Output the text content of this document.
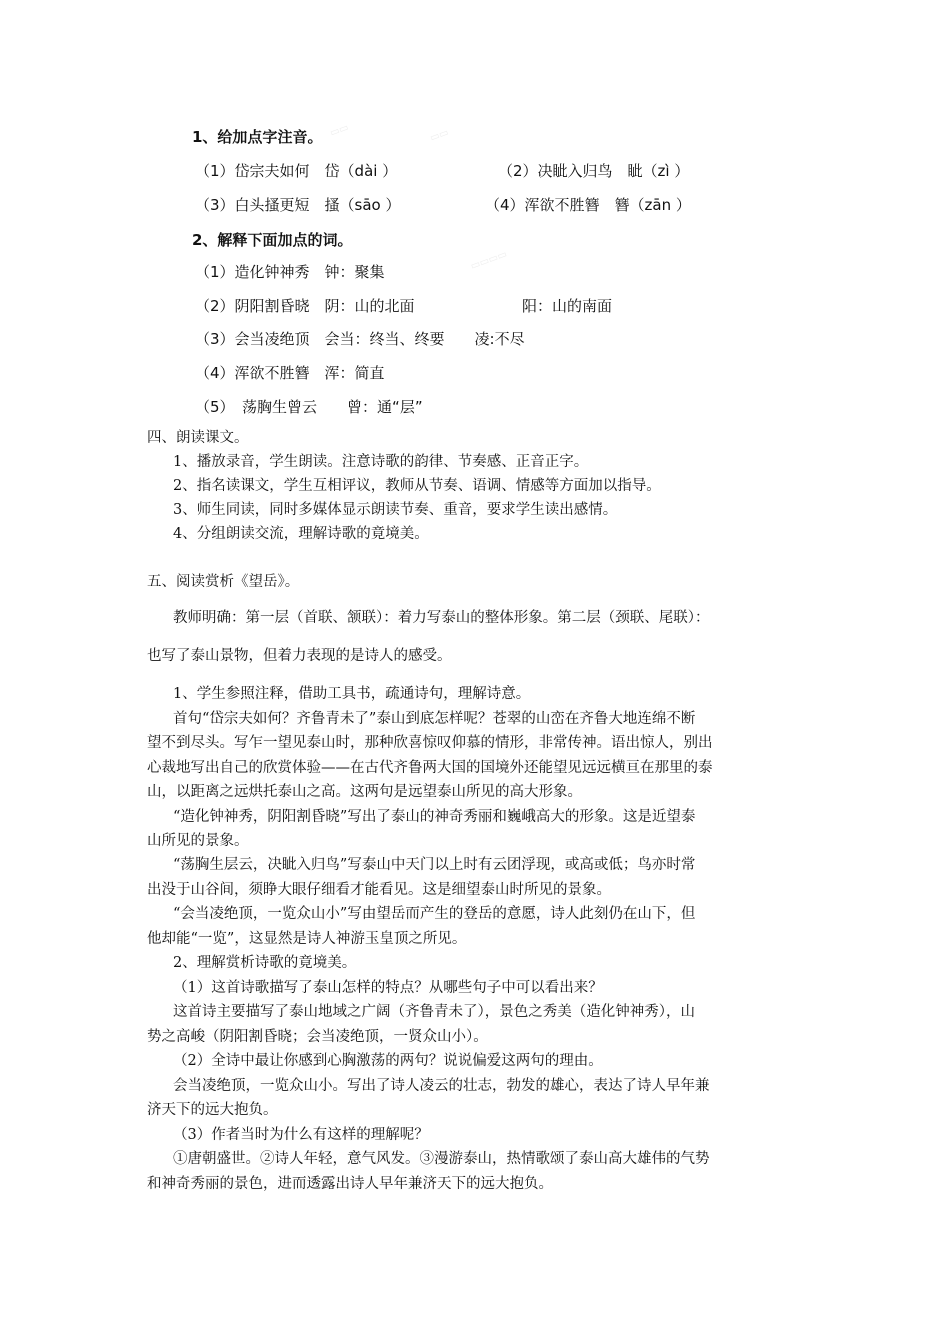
▭▭	▭▭
▭▭▭▭
1、给加点字注音。
（1）岱宗夫如何　岱（dài ）	（2）决眦入归鸟　眦（zì ）
（3）白头搔更短　搔（sāo ）	（4）浑欲不胜簪　簪（zān ）
2、解释下面加点的词。
（1）造化钟神秀　钟：聚集
（2）阴阳割昏晓　阴：山的北面	阳：山的南面
（3）会当凌绝顶　会当：终当、终要　　凌:不尽
（4）浑欲不胜簪　浑：简直
（5）　荡胸生曾云　　曾：通“层”
四、朗读课文。
1、播放录音，学生朗读。注意诗歌的韵律、节奏感、正音正字。
2、指名读课文，学生互相评议，教师从节奏、语调、情感等方面加以指导。
3、师生同读，同时多媒体显示朗读节奏、重音，要求学生读出感情。
4、分组朗读交流，理解诗歌的竟境美。
五、阅读赏析《望岳》。
教师明确：第一层（首联、颔联）：着力写泰山的整体形象。第二层（颈联、尾联）：
也写了泰山景物，但着力表现的是诗人的感受。
1、学生参照注释，借助工具书，疏通诗句，理解诗意。
首句“岱宗夫如何？齐鲁青未了”泰山到底怎样呢？苍翠的山峦在齐鲁大地连绵不断
望不到尽头。写乍一望见泰山时，那种欣喜惊叹仰慕的情形，非常传神。语出惊人，别出
心裁地写出自己的欣赏体验——在古代齐鲁两大国的国境外还能望见远远横亘在那里的泰
山，以距离之远烘托泰山之高。这两句是远望泰山所见的高大形象。
“造化钟神秀，阴阳割昏晓”写出了泰山的神奇秀丽和巍峨高大的形象。这是近望泰
山所见的景象。
“荡胸生层云，决眦入归鸟”写泰山中天门以上时有云团浮现，或高或低；鸟亦时常
出没于山谷间，须睁大眼仔细看才能看见。这是细望泰山时所见的景象。
“会当凌绝顶，一览众山小”写由望岳而产生的登岳的意愿，诗人此刻仍在山下，但
他却能“一览”，这显然是诗人神游玉皇顶之所见。
2、理解赏析诗歌的竟境美。
（1）这首诗歌描写了泰山怎样的特点？从哪些句子中可以看出来？
这首诗主要描写了泰山地域之广阔（齐鲁青未了），景色之秀美（造化钟神秀），山
势之高峻（阴阳割昏晓；会当凌绝顶，一贤众山小）。
（2）全诗中最让你感到心胸激荡的两句？说说偏爱这两句的理由。
会当凌绝顶，一览众山小。写出了诗人凌云的壮志，勃发的雄心，表达了诗人早年兼
济天下的远大抱负。
（3）作者当时为什么有这样的理解呢？
①唐朝盛世。②诗人年轻，意气风发。③漫游泰山，热情歌颂了泰山高大雄伟的气势
和神奇秀丽的景色，进而透露出诗人早年兼济天下的远大抱负。
